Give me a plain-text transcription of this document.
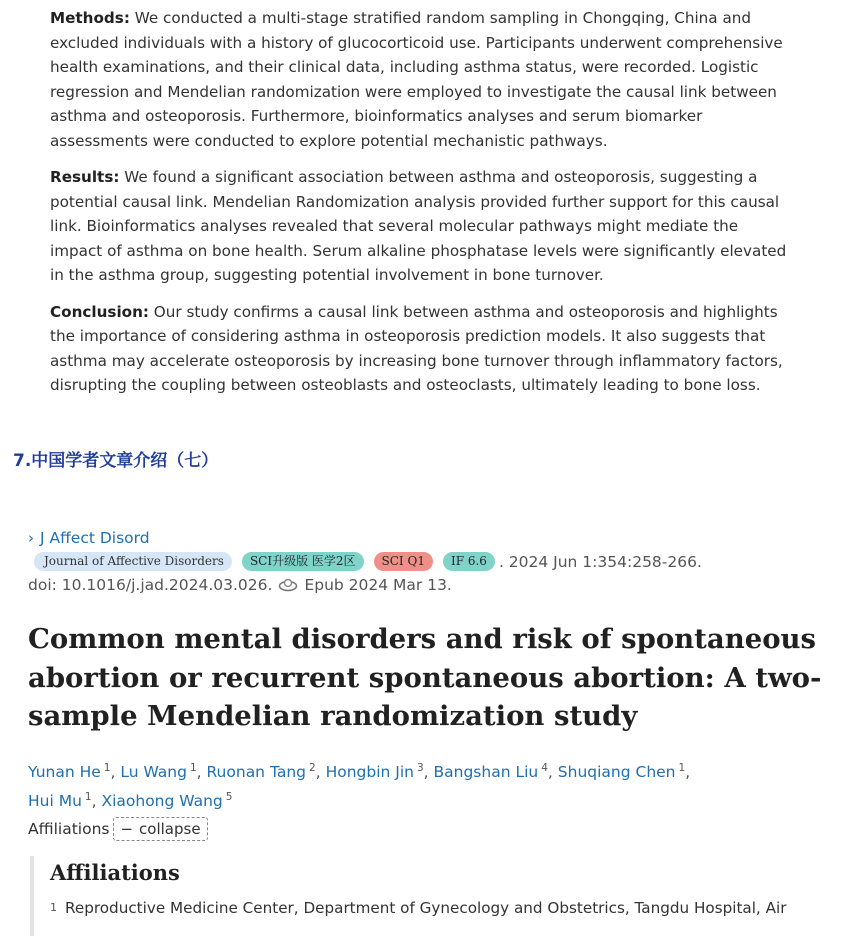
Methods: We conducted a multi-stage stratified random sampling in Chongqing, China and excluded individuals with a history of glucocorticoid use. Participants underwent comprehensive health examinations, and their clinical data, including asthma status, were recorded. Logistic regression and Mendelian randomization were employed to investigate the causal link between asthma and osteoporosis. Furthermore, bioinformatics analyses and serum biomarker assessments were conducted to explore potential mechanistic pathways.

Results: We found a significant association between asthma and osteoporosis, suggesting a potential causal link. Mendelian Randomization analysis provided further support for this causal link. Bioinformatics analyses revealed that several molecular pathways might mediate the impact of asthma on bone health. Serum alkaline phosphatase levels were significantly elevated in the asthma group, suggesting potential involvement in bone turnover.

Conclusion: Our study confirms a causal link between asthma and osteoporosis and highlights the importance of considering asthma in osteoporosis prediction models. It also suggests that asthma may accelerate osteoporosis by increasing bone turnover through inflammatory factors, disrupting the coupling between osteoblasts and osteoclasts, ultimately leading to bone loss.

7.中国学者文章介绍（七）
› J Affect Disord
Journal of Affective Disorders	SCI升级版 医学2区	SCI Q1	IF 6.6 . 2024 Jun 1:354:258-266.
doi: 10.1016/j.jad.2024.03.026. Epub 2024 Mar 13.
Common mental disorders and risk of spontaneous abortion or recurrent spontaneous abortion: A two-sample Mendelian randomization study
Yunan He $^1$, Lu Wang $^1$, Ruonan Tang $^2$, Hongbin Jin $^3$, Bangshan Liu $^4$, Shuqiang Chen $^1$,
Hui Mu $^1$, Xiaohong Wang $^5$
Affiliations − collapse
Affiliations
1 Reproductive Medicine Center, Department of Gynecology and Obstetrics, Tangdu Hospital, Air
